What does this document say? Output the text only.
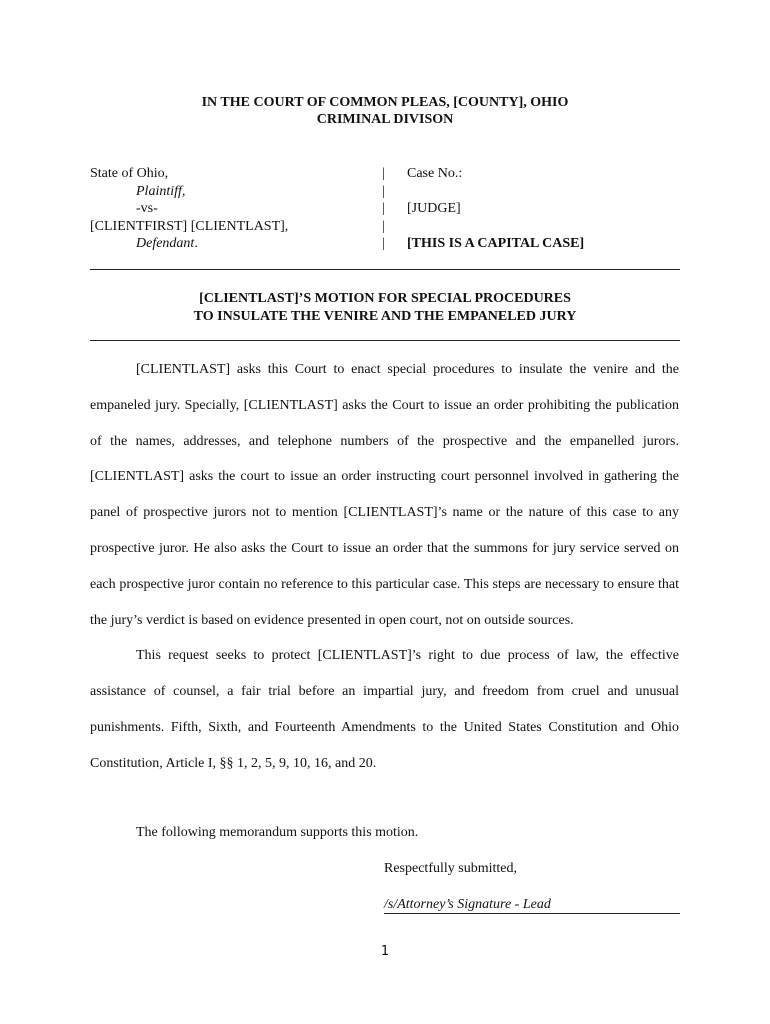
IN THE COURT OF COMMON PLEAS, [COUNTY], OHIO
CRIMINAL DIVISON
State of Ohio,
Plaintiff,
-vs-
[CLIENTFIRST] [CLIENTLAST],
Defendant.
|
|
|
|
|
Case No.:

[JUDGE]

[THIS IS A CAPITAL CASE]
[CLIENTLAST]’S MOTION FOR SPECIAL PROCEDURES
TO INSULATE THE VENIRE AND THE EMPANELED JURY

[CLIENTLAST] asks this Court to enact special procedures to insulate the venire and the empaneled jury. Specially, [CLIENTLAST] asks the Court to issue an order prohibiting the publication of the names, addresses, and telephone numbers of the prospective and the empanelled jurors. [CLIENTLAST] asks the court to issue an order instructing court personnel involved in gathering the panel of prospective jurors not to mention [CLIENTLAST]’s name or the nature of this case to any prospective juror. He also asks the Court to issue an order that the summons for jury service served on each prospective juror contain no reference to this particular case. This steps are necessary to ensure that the jury’s verdict is based on evidence presented in open court, not on outside sources.

This request seeks to protect [CLIENTLAST]’s right to due process of law, the effective assistance of counsel, a fair trial before an impartial jury, and freedom from cruel and unusual punishments. Fifth, Sixth, and Fourteenth Amendments to the United States Constitution and Ohio Constitution, Article I, §§ 1, 2, 5, 9, 10, 16, and 20.

The following memorandum supports this motion.
Respectfully submitted,
/s/Attorney’s Signature - Lead
1
